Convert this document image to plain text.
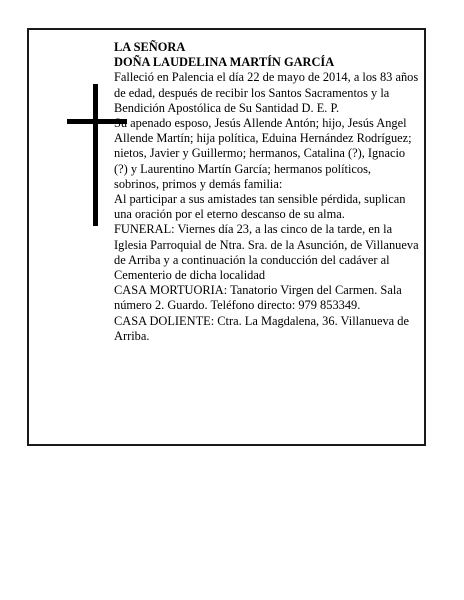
LA SEÑORA

DOÑA LAUDELINA MARTÍN GARCÍA

Falleció en Palencia el día 22 de mayo de 2014, a los 83 años de edad, después de recibir los Santos Sacramentos y la Bendición Apostólica de Su Santidad D. E. P.

Su apenado esposo, Jesús Allende Antón; hijo, Jesús Angel Allende Martín; hija política, Eduina Hernández Rodríguez; nietos, Javier y Guillermo; hermanos, Catalina (?), Ignacio (?) y Laurentino Martín García; hermanos políticos, sobrinos, primos y demás familia:

Al participar a sus amistades tan sensible pérdida, suplican una oración por el eterno descanso de su alma.

FUNERAL: Viernes día 23, a las cinco de la tarde, en la Iglesia Parroquial de Ntra. Sra. de la Asunción, de Villanueva de Arriba y a continuación la conducción del cadáver al Cementerio de dicha localidad

CASA MORTUORIA: Tanatorio Virgen del Carmen. Sala número 2. Guardo. Teléfono directo: 979 853349.

CASA DOLIENTE: Ctra. La Magdalena, 36. Villanueva de Arriba.
